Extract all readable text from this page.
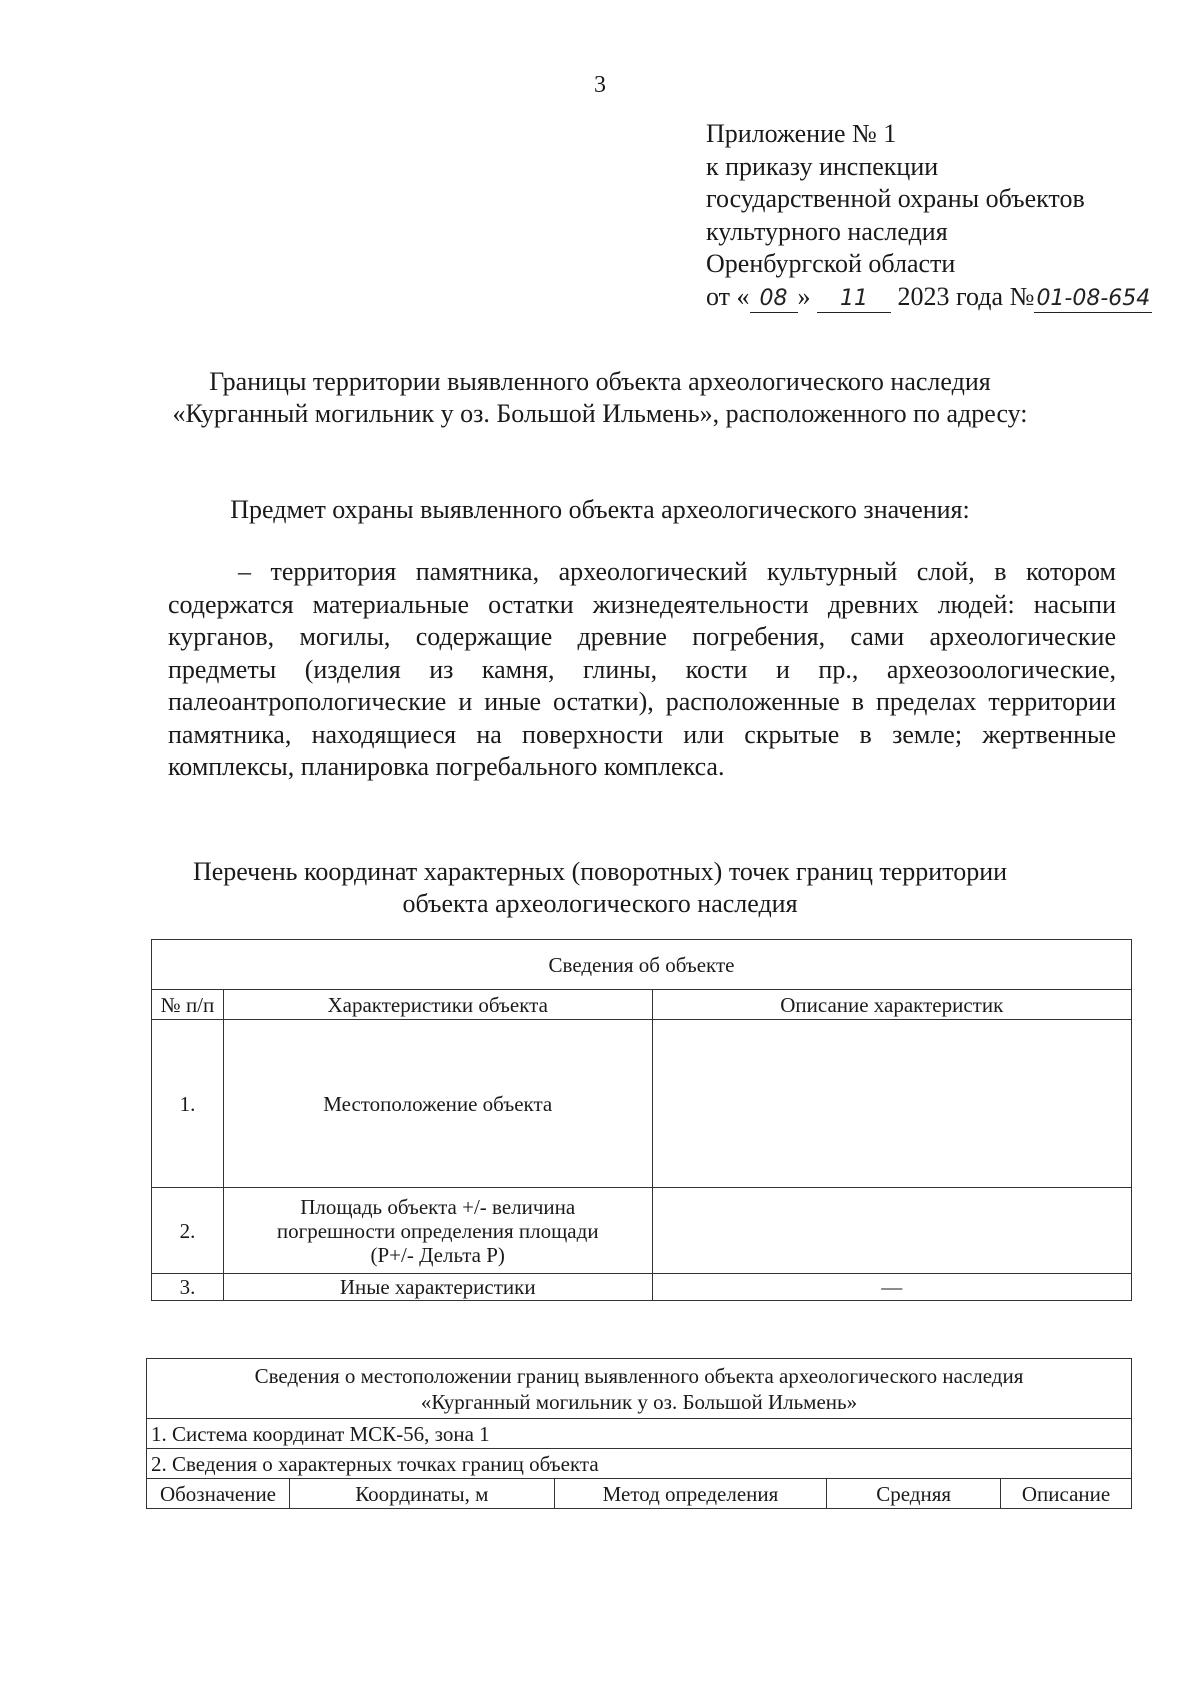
3
Приложение № 1
к приказу инспекции
государственной охраны объектов
культурного наследия
Оренбургской области
от « 08 » 11 2023 года №01-08-654
Границы территории выявленного объекта археологического наследия
«Курганный могильник у оз. Большой Ильмень», расположенного по адресу:
Предмет охраны выявленного объекта археологического значения:
– территория памятника, археологический культурный слой, в котором содержатся материальные остатки жизнедеятельности древних людей: насыпи курганов, могилы, содержащие древние погребения, сами археологические предметы (изделия из камня, глины, кости и пр., археозоологические, палеоантропологические и иные остатки), расположенные в пределах территории памятника, находящиеся на поверхности или скрытые в земле; жертвенные комплексы, планировка погребального комплекса.
Перечень координат характерных (поворотных) точек границ территории
объекта археологического наследия
Сведения об объекте		
№ п/п	Характеристики объекта	Описание характеристик
1.	Местоположение объекта	
2.	Площадь объекта +/- величина
погрешности определения площади
(Р+/- Дельта Р)	

3.	Иные характеристики	—
Сведения о местоположении границ выявленного объекта археологического наследия
«Курганный могильник у оз. Большой Ильмень»

1. Система координат МСК-56, зона 1
2. Сведения о характерных точках границ объекта
Обозначение	Координаты, м	Метод определения	Средняя	Описание
